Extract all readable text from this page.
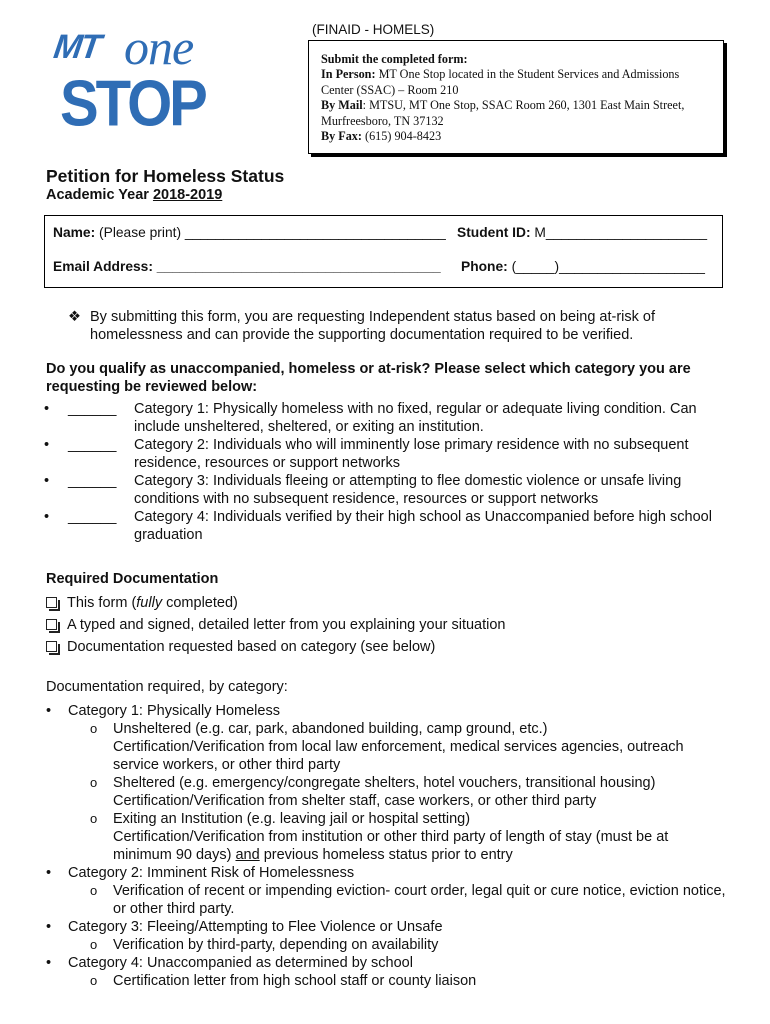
MT one
STOP
(FINAID - HOMELS)
Submit the completed form:
In Person: MT One Stop located in the Student Services and Admissions
Center (SSAC) – Room 210
By Mail: MTSU, MT One Stop, SSAC Room 260, 1301 East Main Street,
Murfreesboro, TN 37132
By Fax: (615) 904-8423
Petition for Homeless Status
Academic Year 2018-2019
Name: (Please print) __________________________________ Student ID: M_____________________
Email Address: _____________________________________ Phone: (_____)___________________
❖ By submitting this form, you are requesting Independent status based on being at-risk of homelessness and can provide the supporting documentation required to be verified.
Do you qualify as unaccompanied, homeless or at-risk? Please select which category you are requesting be reviewed below:
• ______ Category 1: Physically homeless with no fixed, regular or adequate living condition. Can include unsheltered, sheltered, or exiting an institution.
• ______ Category 2: Individuals who will imminently lose primary residence with no subsequent residence, resources or support networks
• ______ Category 3: Individuals fleeing or attempting to flee domestic violence or unsafe living conditions with no subsequent residence, resources or support networks
• ______ Category 4: Individuals verified by their high school as Unaccompanied before high school graduation
Required Documentation
This form (fully completed)
A typed and signed, detailed letter from you explaining your situation
Documentation requested based on category (see below)
Documentation required, by category:
• Category 1: Physically Homeless
o Unsheltered (e.g. car, park, abandoned building, camp ground, etc.)
Certification/Verification from local law enforcement, medical services agencies, outreach service workers, or other third party
o Sheltered (e.g. emergency/congregate shelters, hotel vouchers, transitional housing)
Certification/Verification from shelter staff, case workers, or other third party
o Exiting an Institution (e.g. leaving jail or hospital setting)
Certification/Verification from institution or other third party of length of stay (must be at minimum 90 days) and previous homeless status prior to entry
• Category 2: Imminent Risk of Homelessness
o Verification of recent or impending eviction- court order, legal quit or cure notice, eviction notice, or other third party.
• Category 3: Fleeing/Attempting to Flee Violence or Unsafe
o Verification by third-party, depending on availability
• Category 4: Unaccompanied as determined by school
o Certification letter from high school staff or county liaison
